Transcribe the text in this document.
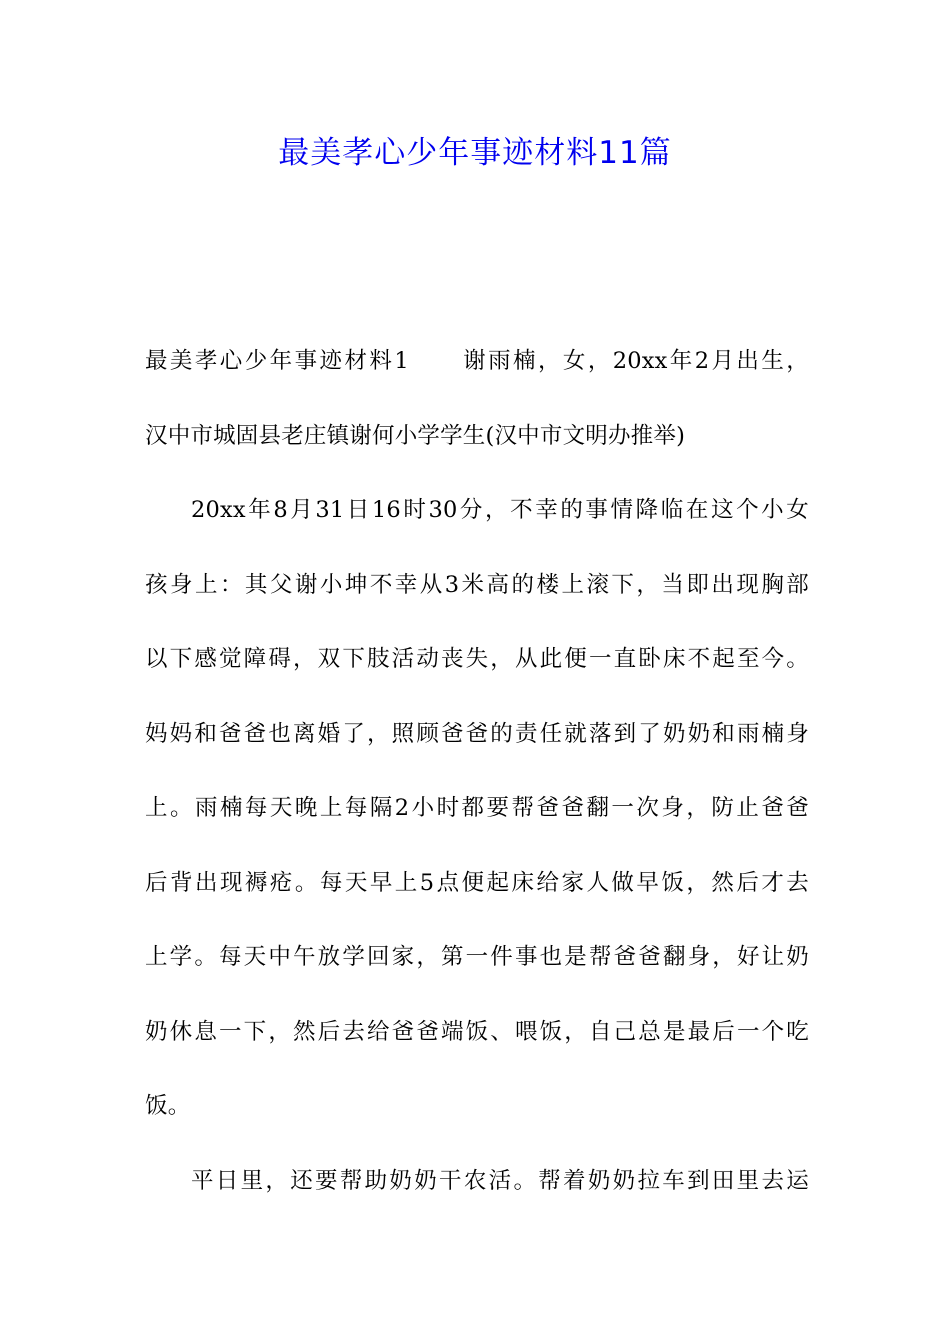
最美孝心少年事迹材料11篇
最美孝心少年事迹材料1 谢雨楠，女，20xx年2月出生，
汉中市城固县老庄镇谢何小学学生(汉中市文明办推举)
20xx年8月31日16时30分，不幸的事情降临在这个小女
孩身上：其父谢小坤不幸从3米高的楼上滚下，当即出现胸部
以下感觉障碍，双下肢活动丧失，从此便一直卧床不起至今。
妈妈和爸爸也离婚了，照顾爸爸的责任就落到了奶奶和雨楠身
上。雨楠每天晚上每隔2小时都要帮爸爸翻一次身，防止爸爸
后背出现褥疮。每天早上5点便起床给家人做早饭，然后才去
上学。每天中午放学回家，第一件事也是帮爸爸翻身，好让奶
奶休息一下，然后去给爸爸端饭、喂饭，自己总是最后一个吃
饭。
平日里，还要帮助奶奶干农活。帮着奶奶拉车到田里去运
